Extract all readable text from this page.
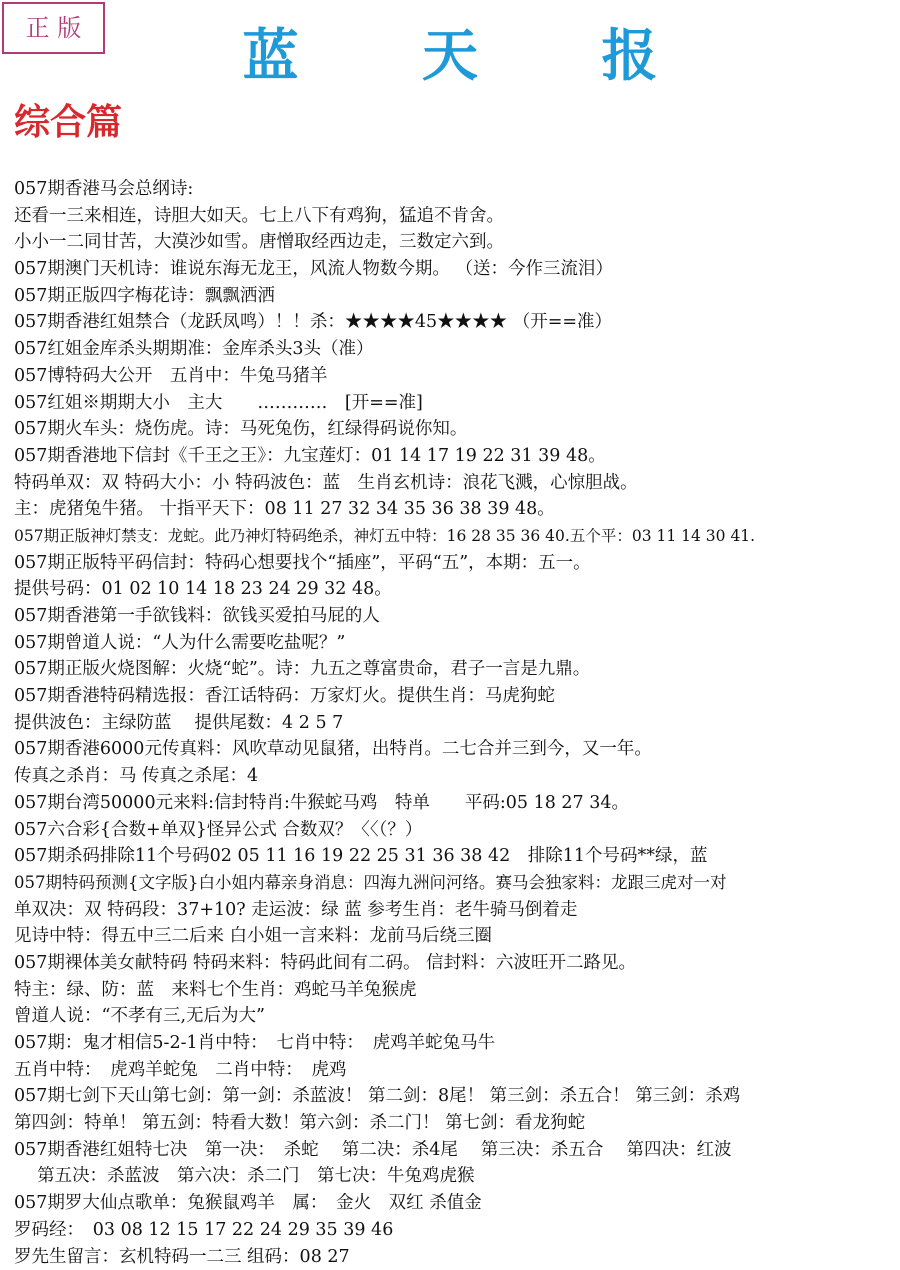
正 版	蓝 天 报
综合篇
057期香港马会总纲诗:
还看一三来相连，诗胆大如天。七上八下有鸡狗，猛追不肯舍。
小小一二同甘苦，大漠沙如雪。唐憎取经西边走，三数定六到。
057期澳门天机诗：谁说东海无龙王，风流人物数今期。 （送：今作三流泪）
057期正版四字梅花诗：飘飘洒洒
057期香港红姐禁合（龙跃凤鸣）！！杀：★★★★45★★★★ （开==准）
057红姐金库杀头期期准：金库杀头3头（准）
057博特码大公开　五肖中：牛兔马猪羊
057红姐※期期大小　主大　　…………　[开==准]
057期火车头：烧伤虎。诗：马死兔伤，红绿得码说你知。
057期香港地下信封《千王之王》：九宝莲灯：01 14 17 19 22 31 39 48。
特码单双：双 特码大小：小 特码波色：蓝　生肖玄机诗：浪花飞溅，心惊胆战。
主：虎猪兔牛猪。 十指平天下：08 11 27 32 34 35 36 38 39 48。
057期正版神灯禁支：龙蛇。此乃神灯特码绝杀，神灯五中特：16 28 35 36 40.五个平：03 11 14 30 41.
057期正版特平码信封：特码心想要找个“插座”，平码“五”，本期：五一。
提供号码：01 02 10 14 18 23 24 29 32 48。
057期香港第一手欲钱料：欲钱买爱拍马屁的人
057期曾道人说：“人为什么需要吃盐呢？”
057期正版火烧图解：火烧“蛇”。诗：九五之尊富贵命，君子一言是九鼎。
057期香港特码精选报：香江话特码：万家灯火。提供生肖：马虎狗蛇
提供波色：主绿防蓝　 提供尾数：4 2 5 7
057期香港6000元传真料：风吹草动见鼠猪，出特肖。二七合并三到今，又一年。
传真之杀肖：马 传真之杀尾：4
057期台湾50000元来料:信封特肖:牛猴蛇马鸡　特单　　平码:05 18 27 34。
057六合彩{合数+单双}怪异公式 合数双？〈〈（？）
057期杀码排除11个号码02 05 11 16 19 22 25 31 36 38 42　排除11个号码**绿，蓝
057期特码预测{文字版}白小姐内幕亲身消息：四海九洲问河络。赛马会独家料：龙跟三虎对一对
单双决：双 特码段：37+10? 走运波：绿 蓝 参考生肖：老牛骑马倒着走
见诗中特：得五中三二后来 白小姐一言来料：龙前马后绕三圈
057期裸体美女献特码 特码来料：特码此间有二码。 信封料：六波旺开二路见。
特主：绿、防：蓝　来料七个生肖：鸡蛇马羊兔猴虎
曾道人说：“不孝有三,无后为大”
057期：鬼才相信5-2-1肖中特：　七肖中特：　虎鸡羊蛇兔马牛
五肖中特：　虎鸡羊蛇兔　二肖中特：　虎鸡
057期七剑下天山第七剑：第一剑：杀蓝波！ 第二剑：8尾！ 第三剑：杀五合！ 第三剑：杀鸡
第四剑：特单！ 第五剑：特看大数！第六剑：杀二门！ 第七剑：看龙狗蛇
057期香港红姐特七决　第一决：　杀蛇　 第二决：杀4尾　 第三决：杀五合　 第四决：红波
　 第五决：杀蓝波　第六决：杀二门　第七决：牛兔鸡虎猴
057期罗大仙点歌单：兔猴鼠鸡羊　属：　金火　双红 杀值金
罗码经：　03 08 12 15 17 22 24 29 35 39 46
罗先生留言：玄机特码一二三 组码：08 27
